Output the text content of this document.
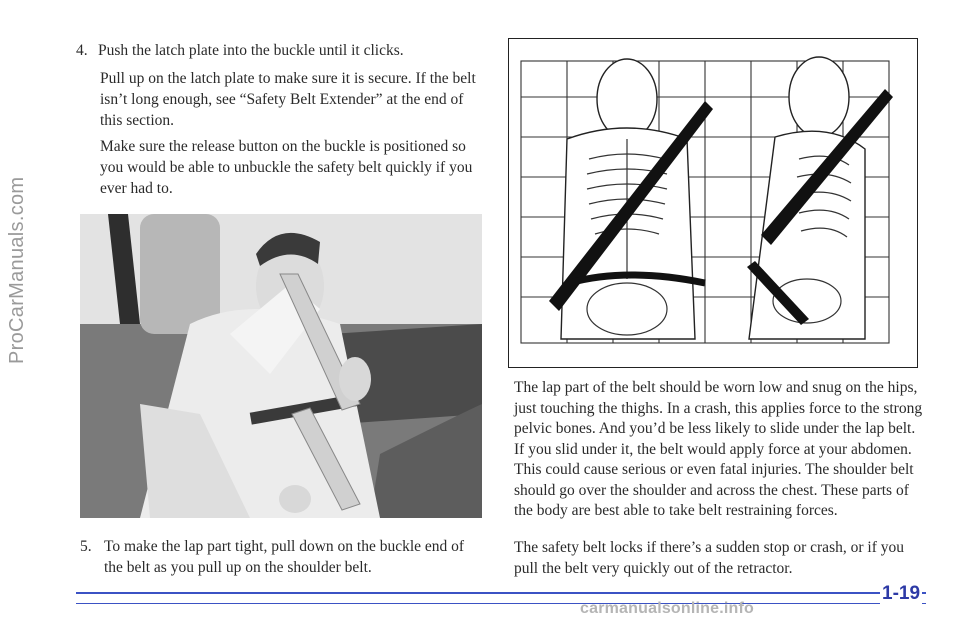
ProCarManuals.com
4. Push the latch plate into the buckle until it clicks.
Pull up on the latch plate to make sure it is secure. If the belt isn’t long enough, see “Safety Belt Extender” at the end of this section.
Make sure the release button on the buckle is positioned so you would be able to unbuckle the safety belt quickly if you ever had to.
5. To make the lap part tight, pull down on the buckle end of the belt as you pull up on the shoulder belt.
The lap part of the belt should be worn low and snug on the hips, just touching the thighs. In a crash, this applies force to the strong pelvic bones. And you’d be less likely to slide under the lap belt. If you slid under it, the belt would apply force at your abdomen. This could cause serious or even fatal injuries. The shoulder belt should go over the shoulder and across the chest. These parts of the body are best able to take belt restraining forces.
The safety belt locks if there’s a sudden stop or crash, or if you pull the belt very quickly out of the retractor.
carmanualsonline.info
1-19
